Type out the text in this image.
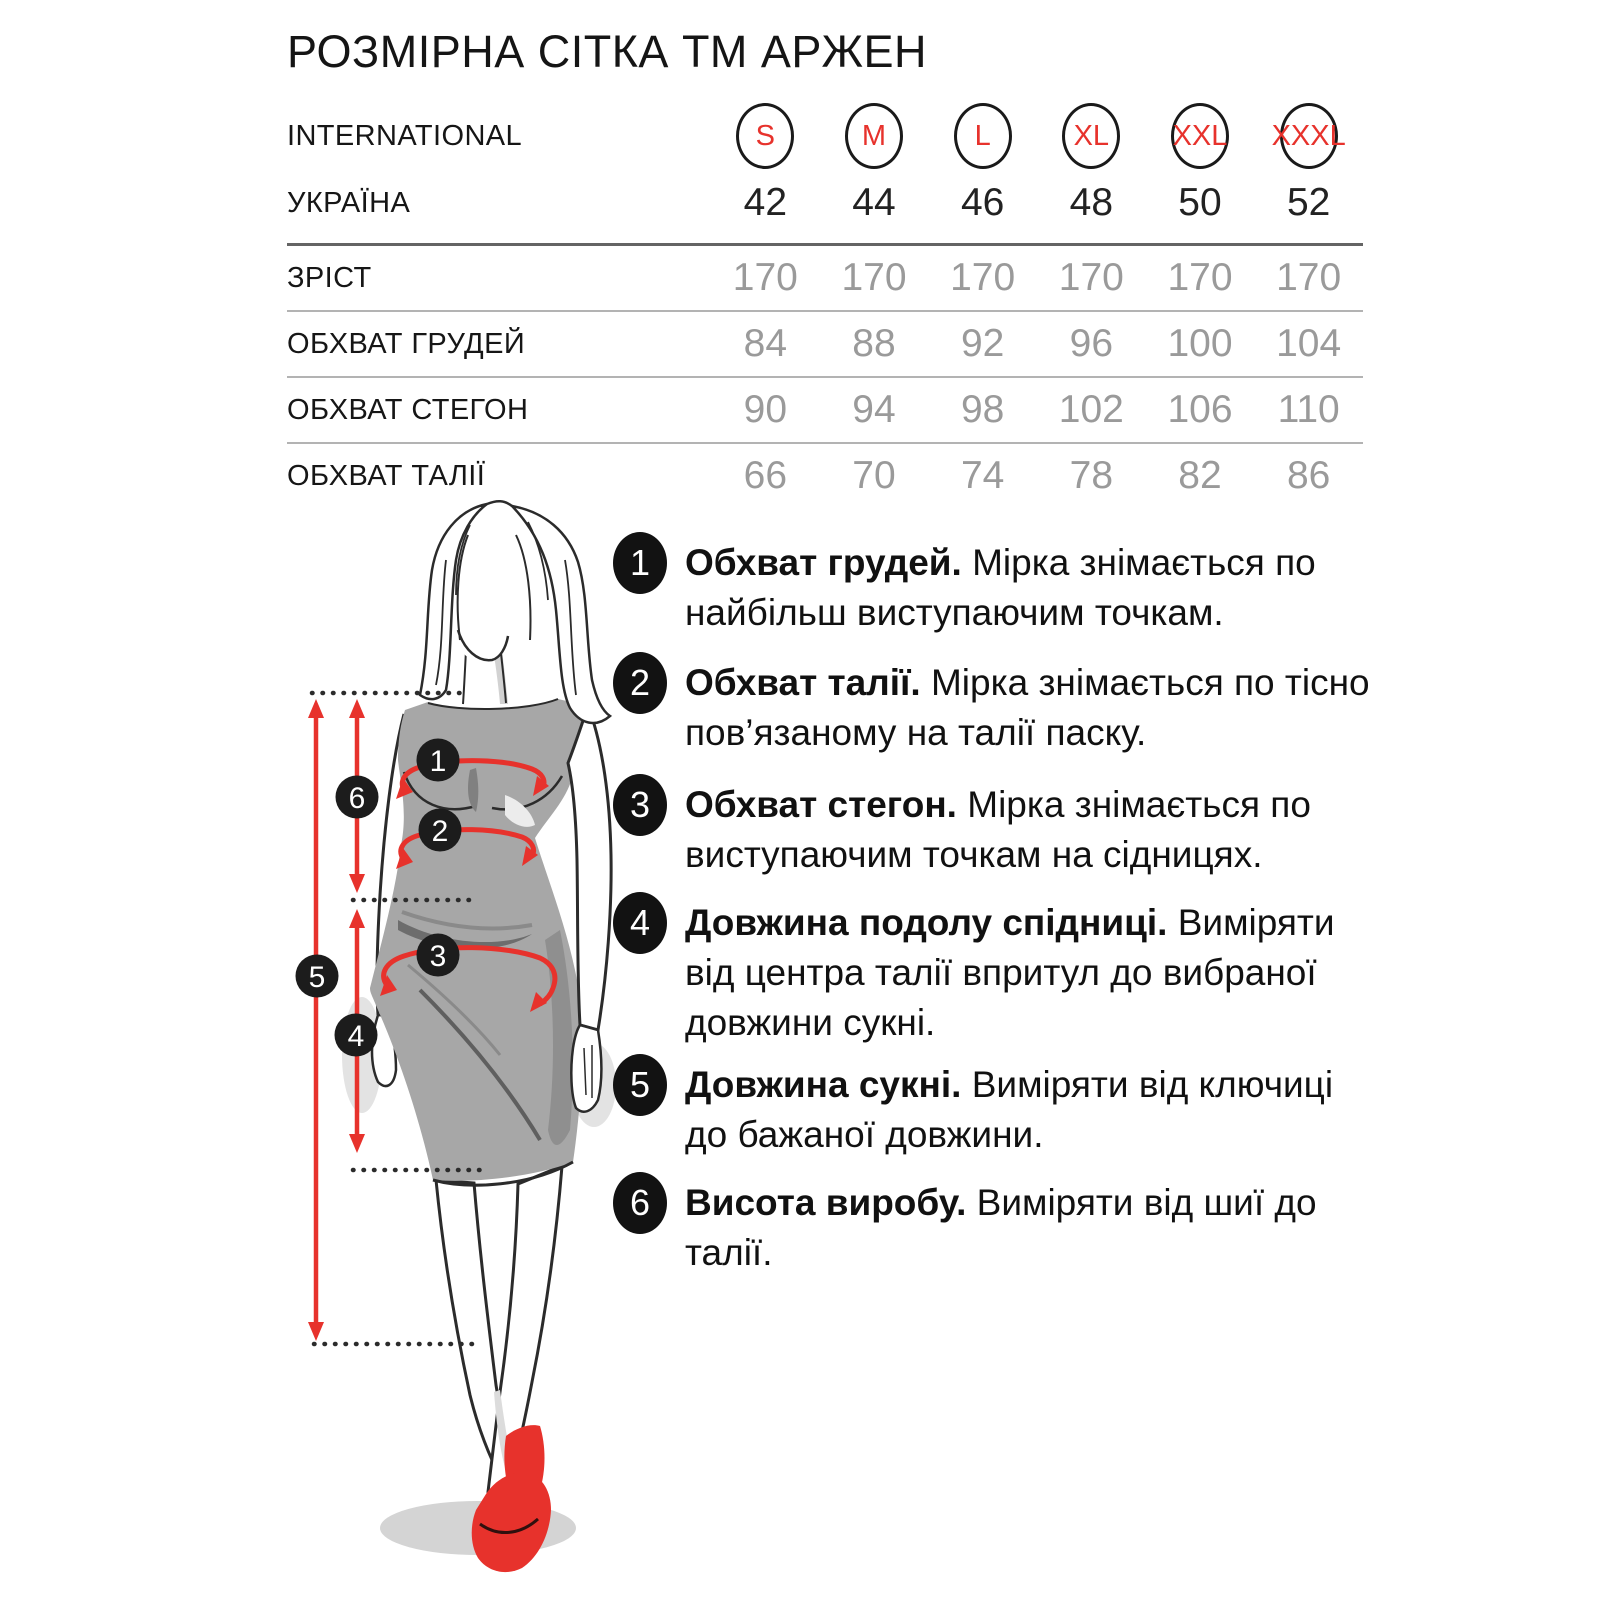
РОЗМІРНА СІТКА ТМ АРЖЕН
INTERNATIONAL	S	M	L	XL XXL XXXL
УКРАЇНА	42	44	46	48	50	52
ЗРІСТ	170	170	170	170	170	170
ОБХВАТ ГРУДЕЙ	84	88	92	96	100	104
ОБХВАТ СТЕГОН	90	94	98	102	106	110
ОБХВАТ ТАЛІЇ	66	70	74	78	82	86
1
2
3
4
5
6
1 Обхват грудей. Мірка знімається по найбільш виступаючим точкам.

2 Обхват талії. Мірка знімається по тісно пов’язаному на талії паску.

3 Обхват стегон. Мірка знімається по виступаючим точкам на сідницях.

4 Довжина подолу спідниці. Виміряти від центра талії впритул до вибраної довжини сукні.

5 Довжина сукні. Виміряти від ключиці до бажаної довжини.

6 Висота виробу. Виміряти від шиї до талії.
